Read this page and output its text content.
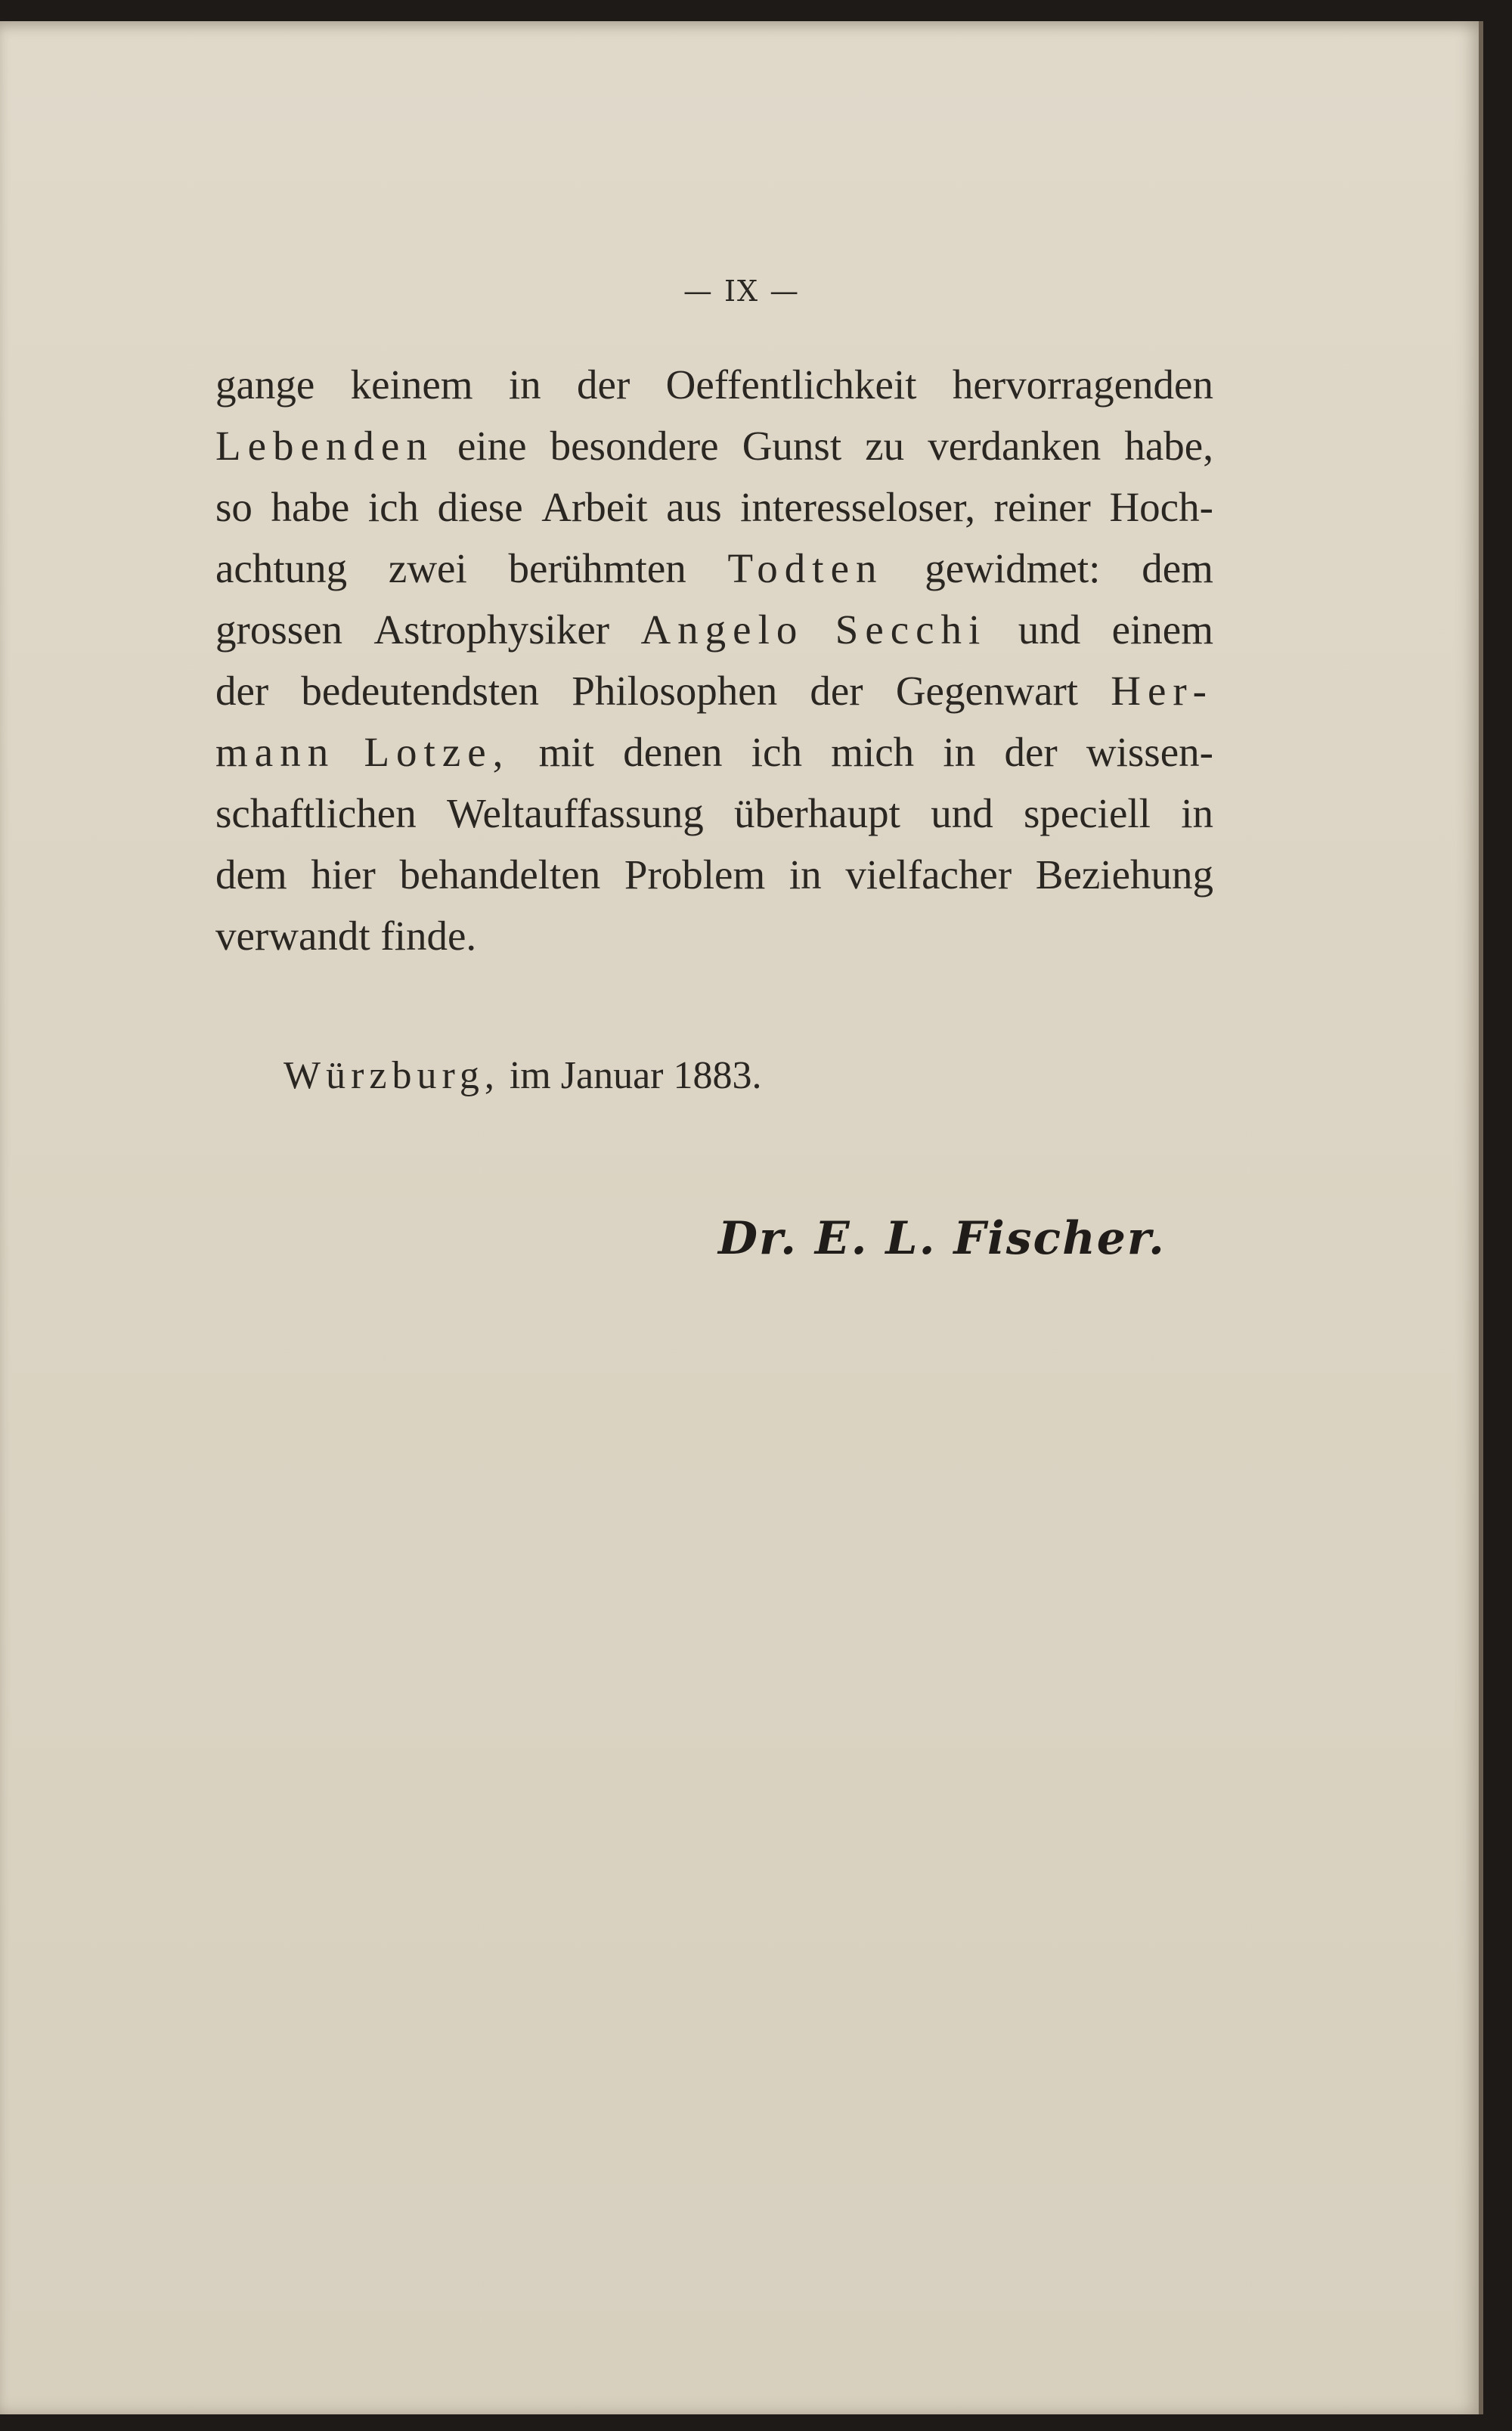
— IX —
gange keinem in der Oeffentlichkeit hervorragenden
Lebenden eine besondere Gunst zu verdanken habe,
so habe ich diese Arbeit aus interesseloser, reiner Hoch-
achtung zwei berühmten Todten gewidmet: dem
grossen Astrophysiker Angelo Secchi und einem
der bedeutendsten Philosophen der Gegenwart Her-
mann Lotze, mit denen ich mich in der wissen-
schaftlichen Weltauffassung überhaupt und speciell in
dem hier behandelten Problem in vielfacher Beziehung
verwandt finde.
Würzburg, im Januar 1883.
Dr. E. L. Fischer.
